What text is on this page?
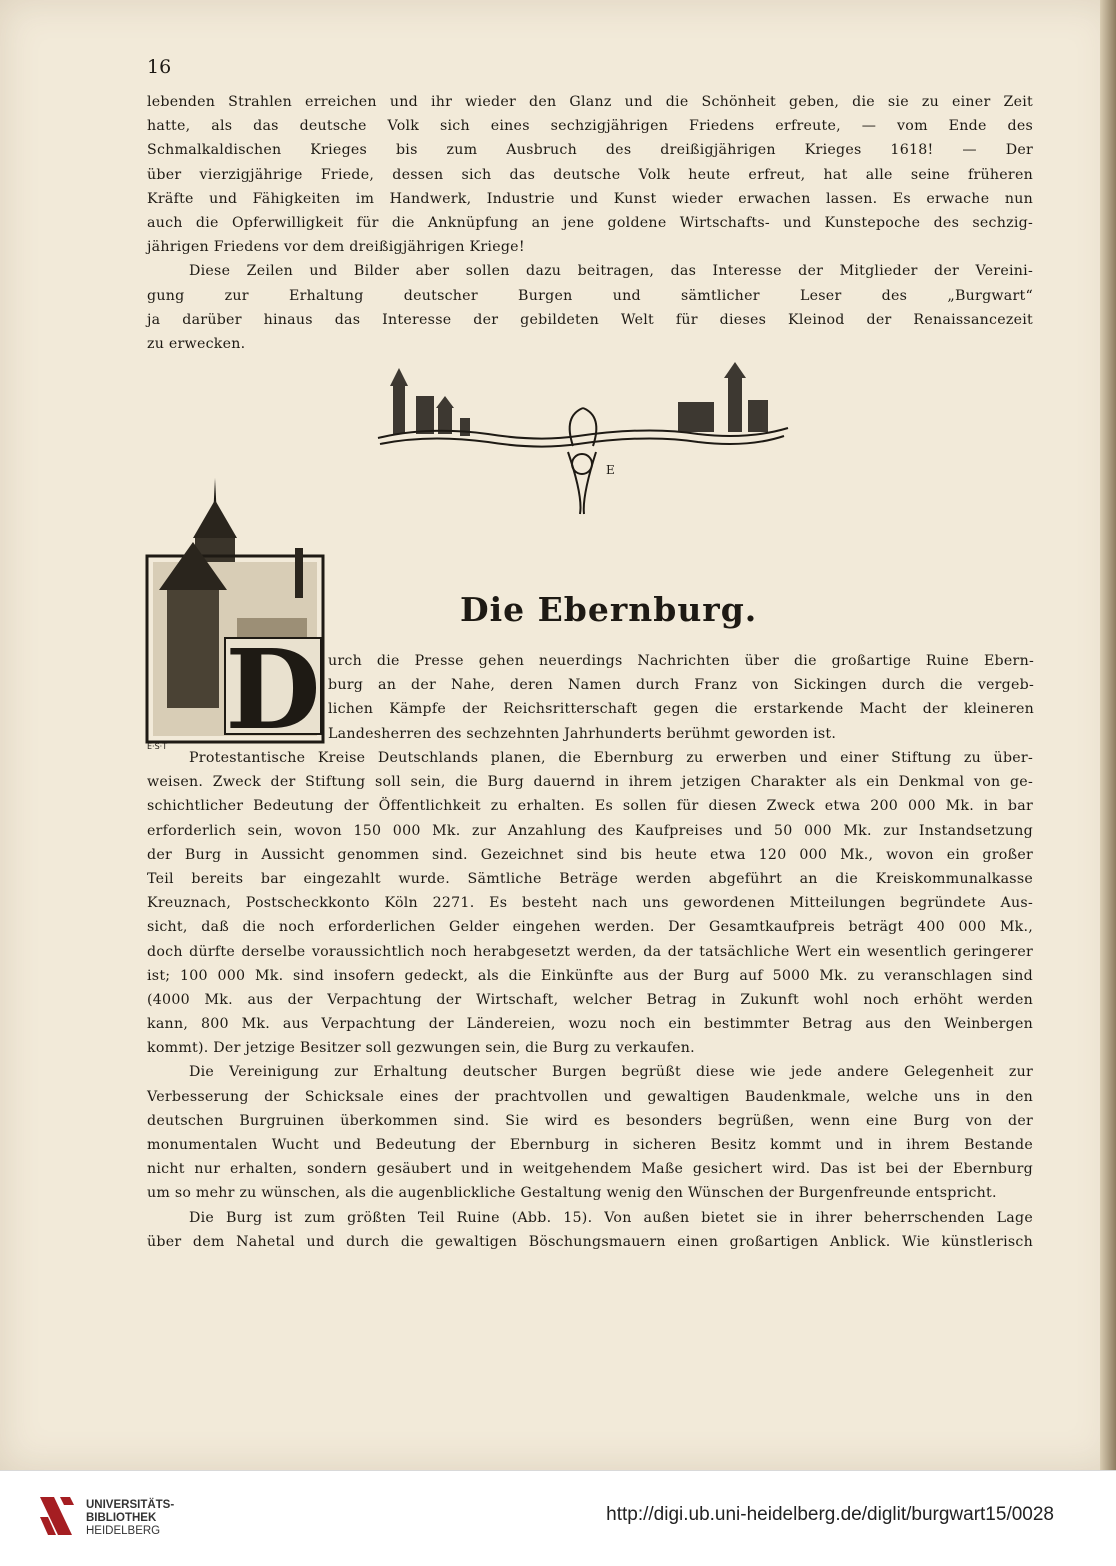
16
lebenden Strahlen erreichen und ihr wieder den Glanz und die Schönheit geben, die sie zu einer Zeit
hatte, als das deutsche Volk sich eines sechzigjährigen Friedens erfreute, — vom Ende des
Schmalkaldischen Krieges bis zum Ausbruch des dreißigjährigen Krieges 1618! — Der
über vierzigjährige Friede, dessen sich das deutsche Volk heute erfreut, hat alle seine früheren
Kräfte und Fähigkeiten im Handwerk, Industrie und Kunst wieder erwachen lassen. Es erwache nun
auch die Opferwilligkeit für die Anknüpfung an jene goldene Wirtschafts- und Kunstepoche des sechzig-
jährigen Friedens vor dem dreißigjährigen Kriege!
Diese Zeilen und Bilder aber sollen dazu beitragen, das Interesse der Mitglieder der Vereini-
gung zur Erhaltung deutscher Burgen und sämtlicher Leser des „Burgwart“
ja darüber hinaus das Interesse der gebildeten Welt für dieses Kleinod der Renaissancezeit
zu erwecken.
E
D
E·S·T
Die Ebernburg.
urch die Presse gehen neuerdings Nachrichten über die großartige Ruine Ebern-
burg an der Nahe, deren Namen durch Franz von Sickingen durch die vergeb-
lichen Kämpfe der Reichsritterschaft gegen die erstarkende Macht der kleineren
Landesherren des sechzehnten Jahrhunderts berühmt geworden ist.
Protestantische Kreise Deutschlands planen, die Ebernburg zu erwerben und einer Stiftung zu über-
weisen. Zweck der Stiftung soll sein, die Burg dauernd in ihrem jetzigen Charakter als ein Denkmal von ge-
schichtlicher Bedeutung der Öffentlichkeit zu erhalten. Es sollen für diesen Zweck etwa 200 000 Mk. in bar
erforderlich sein, wovon 150 000 Mk. zur Anzahlung des Kaufpreises und 50 000 Mk. zur Instandsetzung
der Burg in Aussicht genommen sind. Gezeichnet sind bis heute etwa 120 000 Mk., wovon ein großer
Teil bereits bar eingezahlt wurde. Sämtliche Beträge werden abgeführt an die Kreiskommunalkasse
Kreuznach, Postscheckkonto Köln 2271. Es besteht nach uns gewordenen Mitteilungen begründete Aus-
sicht, daß die noch erforderlichen Gelder eingehen werden. Der Gesamtkaufpreis beträgt 400 000 Mk.,
doch dürfte derselbe voraussichtlich noch herabgesetzt werden, da der tatsächliche Wert ein wesentlich geringerer
ist; 100 000 Mk. sind insofern gedeckt, als die Einkünfte aus der Burg auf 5000 Mk. zu veranschlagen sind
(4000 Mk. aus der Verpachtung der Wirtschaft, welcher Betrag in Zukunft wohl noch erhöht werden
kann, 800 Mk. aus Verpachtung der Ländereien, wozu noch ein bestimmter Betrag aus den Weinbergen
kommt). Der jetzige Besitzer soll gezwungen sein, die Burg zu verkaufen.
Die Vereinigung zur Erhaltung deutscher Burgen begrüßt diese wie jede andere Gelegenheit zur
Verbesserung der Schicksale eines der prachtvollen und gewaltigen Baudenkmale, welche uns in den
deutschen Burgruinen überkommen sind. Sie wird es besonders begrüßen, wenn eine Burg von der
monumentalen Wucht und Bedeutung der Ebernburg in sicheren Besitz kommt und in ihrem Bestande
nicht nur erhalten, sondern gesäubert und in weitgehendem Maße gesichert wird. Das ist bei der Ebernburg
um so mehr zu wünschen, als die augenblickliche Gestaltung wenig den Wünschen der Burgenfreunde entspricht.
Die Burg ist zum größten Teil Ruine (Abb. 15). Von außen bietet sie in ihrer beherrschenden Lage
über dem Nahetal und durch die gewaltigen Böschungsmauern einen großartigen Anblick. Wie künstlerisch
UNIVERSITÄTS-
BIBLIOTHEK
HEIDELBERG
http://digi.ub.uni-heidelberg.de/diglit/burgwart15/0028
